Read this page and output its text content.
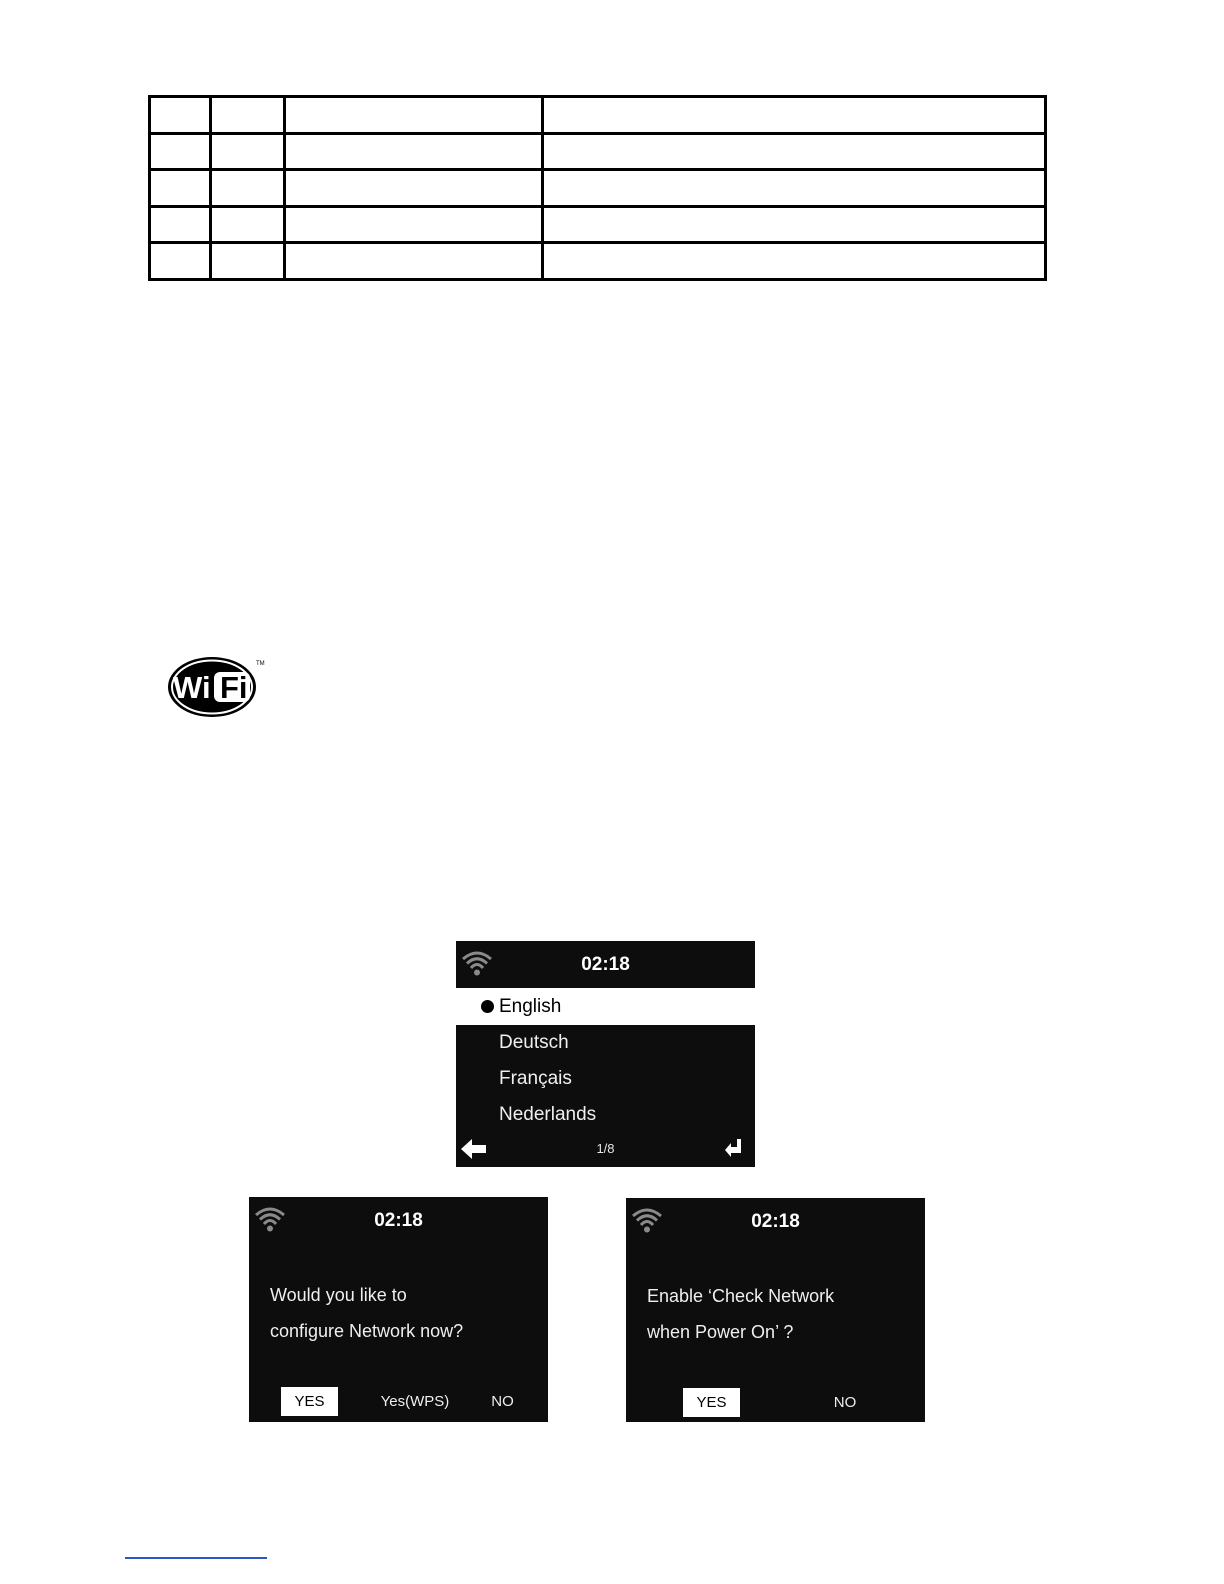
Wi Fi
TM
02:18
English
Deutsch
Français
Nederlands
1/8
02:18
Would you like to
configure Network now?
YES	Yes(WPS)	NO
02:18
Enable ‘Check Network
when Power On’ ?
YES	NO
